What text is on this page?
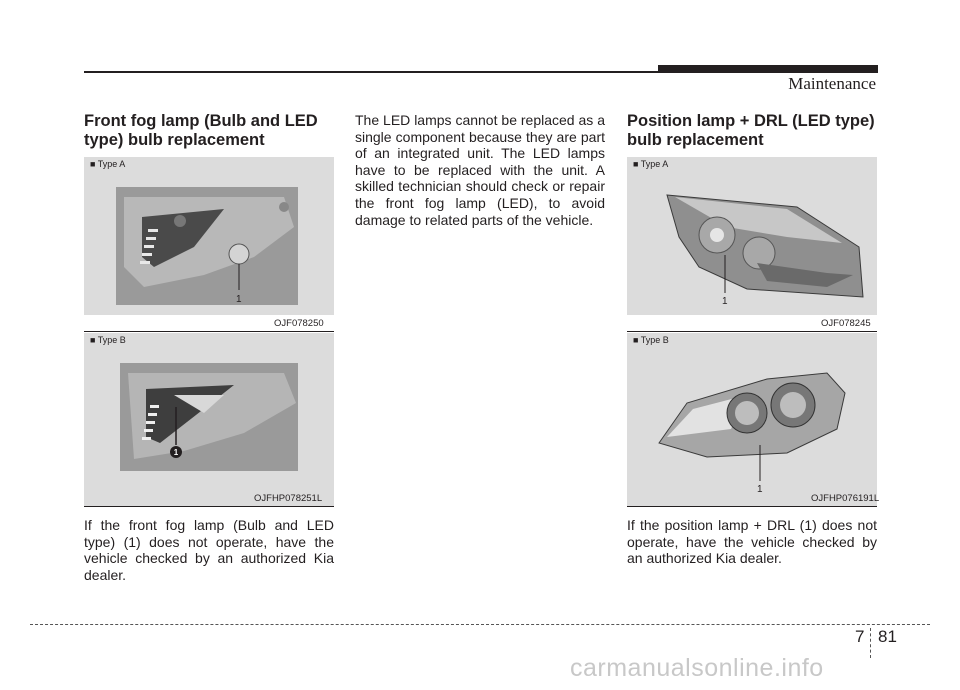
Maintenance
Front fog lamp (Bulb and LED type) bulb replacement
■ Type A
1
OJF078250
■ Type B
1
OJFHP078251L

If the front fog lamp (Bulb and LED type) (1) does not operate, have the vehicle checked by an authorized Kia dealer.

The LED lamps cannot be replaced as a single component because they are part of an integrated unit. The LED lamps have to be replaced with the unit. A skilled technician should check or repair the front fog lamp (LED), to avoid damage to related parts of the vehicle.

Position lamp + DRL (LED type) bulb replacement
■ Type A
1
OJF078245
■ Type B
1
OJFHP076191L

If the position lamp + DRL (1) does not operate, have the vehicle checked by an authorized Kia dealer.

7 81
carmanualsonline.info
